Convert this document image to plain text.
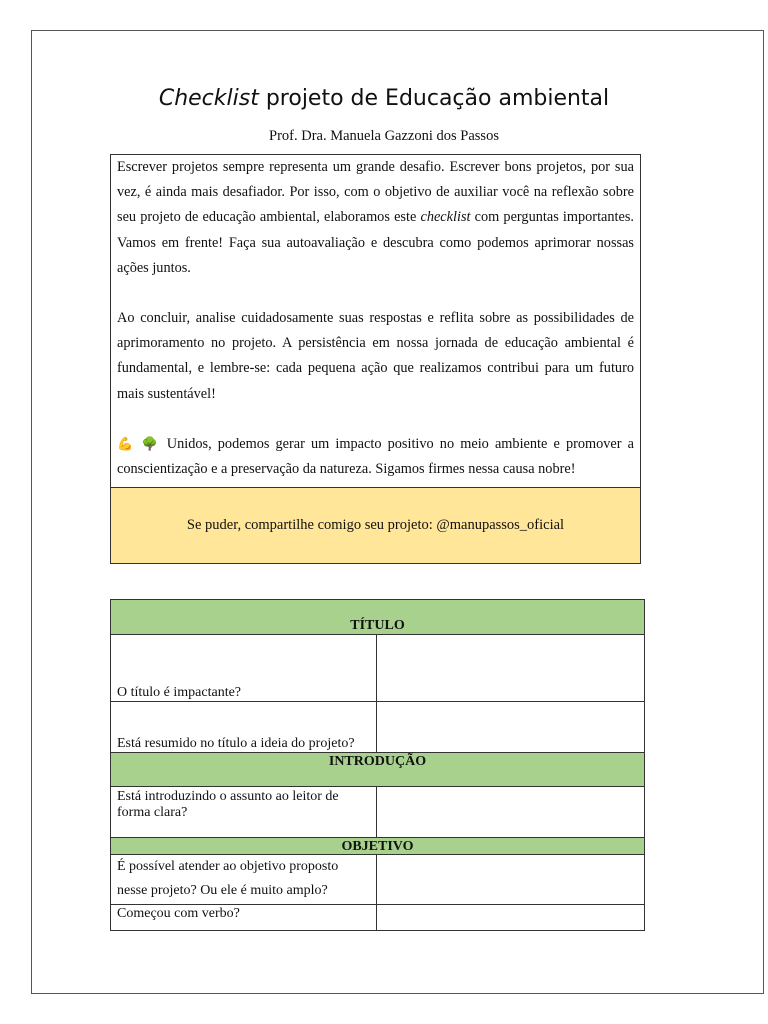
Checklist projeto de Educação ambiental
Prof. Dra. Manuela Gazzoni dos Passos

Escrever projetos sempre representa um grande desafio. Escrever bons projetos, por sua vez, é ainda mais desafiador. Por isso, com o objetivo de auxiliar você na reflexão sobre seu projeto de educação ambiental, elaboramos este checklist com perguntas importantes. Vamos em frente! Faça sua autoavaliação e descubra como podemos aprimorar nossas ações juntos.

Ao concluir, analise cuidadosamente suas respostas e reflita sobre as possibilidades de aprimoramento no projeto. A persistência em nossa jornada de educação ambiental é fundamental, e lembre-se: cada pequena ação que realizamos contribui para um futuro mais sustentável!

💪 🌳 Unidos, podemos gerar um impacto positivo no meio ambiente e promover a conscientização e a preservação da natureza. Sigamos firmes nessa causa nobre!

Se puder, compartilhe comigo seu projeto: @manupassos_oficial
TÍTULO	
O título é impactante?	
Está resumido no título a ideia do projeto?	
INTRODUÇÃO	
Está introduzindo o assunto ao leitor de forma clara?	
OBJETIVO	
É possível atender ao objetivo proposto nesse projeto? Ou ele é muito amplo?	
Começou com verbo?	
